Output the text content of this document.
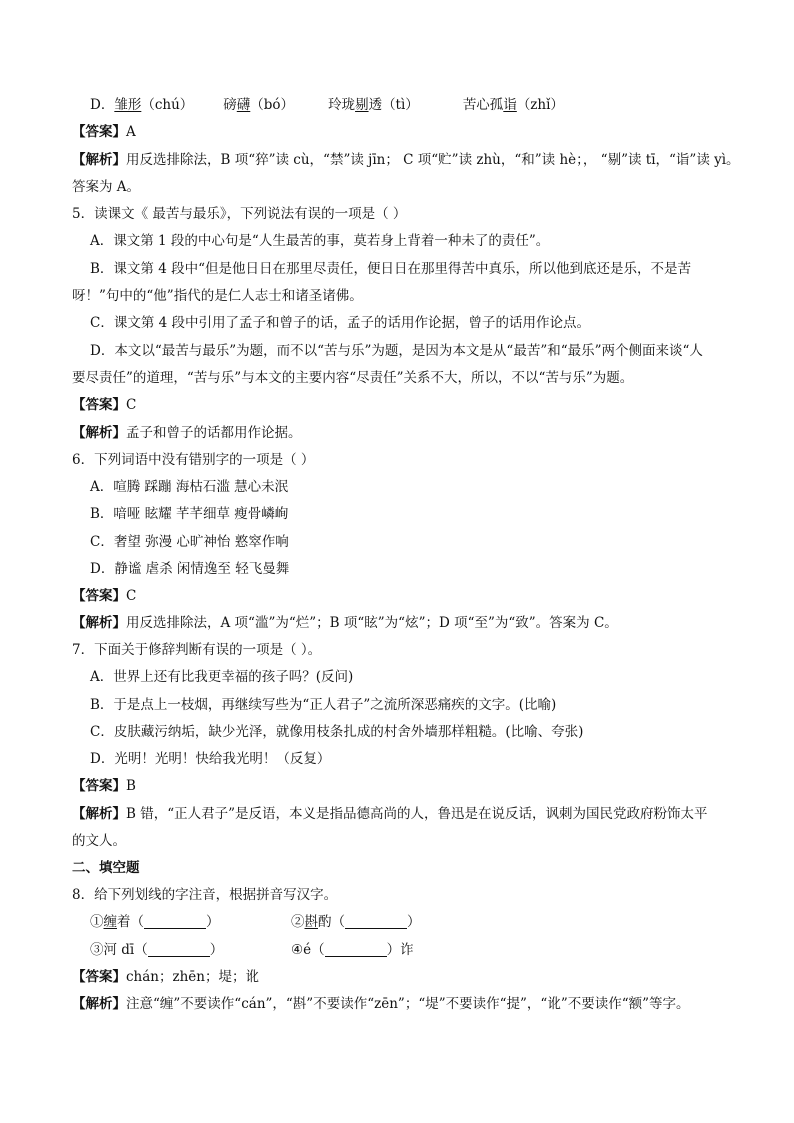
D．雏形（chú） 磅礴（bó）	玲珑剔透（tì）	苦心孤诣（zhǐ）
【答案】A
【解析】用反选排除法，B 项“猝”读 cù，“禁”读 jīn； C 项“贮”读 zhù，“和”读 hè；， “剔”读 tī，“诣”读 yì。
答案为 A。
5．读课文《 最苦与最乐》，下列说法有误的一项是（ ）
A．课文第 1 段的中心句是“人生最苦的事，莫若身上背着一种未了的责任”。
B．课文第 4 段中“但是他日日在那里尽责任，便日日在那里得苦中真乐，所以他到底还是乐，不是苦
呀！”句中的“他”指代的是仁人志士和诸圣诸佛。
C．课文第 4 段中引用了孟子和曾子的话，孟子的话用作论据，曾子的话用作论点。
D．本文以“最苦与最乐”为题，而不以“苦与乐”为题，是因为本文是从“最苦”和“最乐”两个侧面来谈“人
要尽责任”的道理，“苦与乐”与本文的主要内容“尽责任”关系不大，所以，不以“苦与乐”为题。
【答案】C
【解析】孟子和曾子的话都用作论据。
6．下列词语中没有错别字的一项是（ ）
A．喧腾 踩蹦 海枯石滥 慧心未泯
B．喑哑 眩耀 芊芊细草 瘦骨嶙峋
C．奢望 弥漫 心旷神怡 憝窣作响
D．静谧 虐杀 闲情逸至 轻飞曼舞
【答案】C
【解析】用反选排除法，A 项“滥”为“烂”；B 项“眩”为“炫”；D 项“至”为“致”。答案为 C。
7．下面关于修辞判断有误的一项是（ ）。
A．世界上还有比我更幸福的孩子吗？(反问)
B．于是点上一枝烟，再继续写些为“正人君子”之流所深恶痛疾的文字。(比喻)
C．皮肤藏污纳垢，缺少光泽，就像用枝条扎成的村舍外墙那样粗糙。(比喻、夸张)
D．光明！光明！快给我光明！（反复）
【答案】B
【解析】B 错，“正人君子”是反语，本义是指品德高尚的人，鲁迅是在说反话，讽刺为国民党政府粉饰太平
的文人。
二、填空题
8．给下列划线的字注音，根据拼音写汉字。
①缠着（	）	②斟酌（	）
③河 dī（	）	④é（	）诈
【答案】chán；zhēn；堤；讹
【解析】注意“缠”不要读作“cán”，“斟”不要读作“zēn”；“堤”不要读作“提”，“讹”不要读作“额”等字。
